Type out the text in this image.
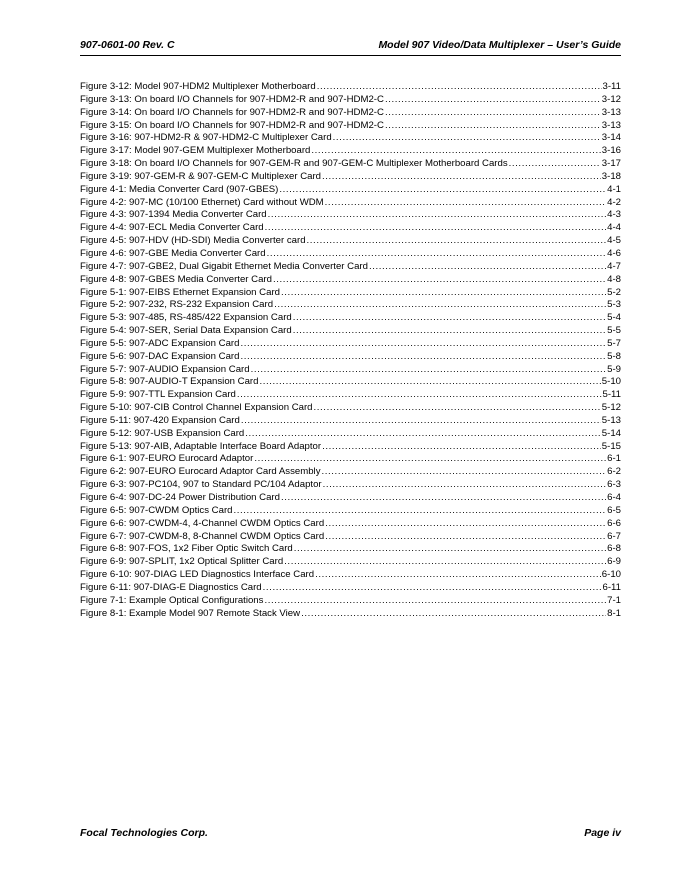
907-0601-00 Rev. C	Model 907 Video/Data Multiplexer – User’s Guide
Figure 3-12: Model 907-HDM2 Multiplexer Motherboard .....	3-11
Figure 3-13: On board I/O Channels for 907-HDM2-R and 907-HDM2-C .....	3-12
Figure 3-14: On board I/O Channels for 907-HDM2-R and 907-HDM2-C .....	3-13
Figure 3-15: On board I/O Channels for 907-HDM2-R and 907-HDM2-C .....	3-13
Figure 3-16: 907-HDM2-R & 907-HDM2-C Multiplexer Card .....	3-14
Figure 3-17: Model 907-GEM Multiplexer Motherboard .....	3-16
Figure 3-18: On board I/O Channels for 907-GEM-R and 907-GEM-C Multiplexer Motherboard Cards .....	3-17
Figure 3-19: 907-GEM-R & 907-GEM-C Multiplexer Card .....	3-18
Figure 4-1: Media Converter Card (907-GBES) .....	4-1
Figure 4-2: 907-MC (10/100 Ethernet) Card without WDM .....	4-2
Figure 4-3: 907-1394 Media Converter Card .....	4-3
Figure 4-4: 907-ECL Media Converter Card .....	4-4
Figure 4-5: 907-HDV (HD-SDI) Media Converter card .....	4-5
Figure 4-6: 907-GBE Media Converter Card .....	4-6
Figure 4-7: 907-GBE2, Dual Gigabit Ethernet Media Converter Card .....	4-7
Figure 4-8: 907-GBES Media Converter Card .....	4-8
Figure 5-1: 907-EIBS Ethernet Expansion Card .....	5-2
Figure 5-2: 907-232, RS-232 Expansion Card .....	5-3
Figure 5-3: 907-485, RS-485/422 Expansion Card .....	5-4
Figure 5-4: 907-SER, Serial Data Expansion Card .....	5-5
Figure 5-5: 907-ADC Expansion Card .....	5-7
Figure 5-6: 907-DAC Expansion Card .....	5-8
Figure 5-7: 907-AUDIO Expansion Card .....	5-9
Figure 5-8: 907-AUDIO-T Expansion Card .....	5-10
Figure 5-9: 907-TTL Expansion Card .....	5-11
Figure 5-10: 907-CIB Control Channel Expansion Card .....	5-12
Figure 5-11: 907-420 Expansion Card .....	5-13
Figure 5-12: 907-USB Expansion Card .....	5-14
Figure 5-13: 907-AIB, Adaptable Interface Board Adaptor .....	5-15
Figure 6-1: 907-EURO Eurocard Adaptor .....	6-1
Figure 6-2: 907-EURO Eurocard Adaptor Card Assembly .....	6-2
Figure 6-3: 907-PC104, 907 to Standard PC/104 Adaptor .....	6-3
Figure 6-4: 907-DC-24 Power Distribution Card .....	6-4
Figure 6-5: 907-CWDM Optics Card .....	6-5
Figure 6-6: 907-CWDM-4, 4-Channel CWDM Optics Card .....	6-6
Figure 6-7: 907-CWDM-8, 8-Channel CWDM Optics Card .....	6-7
Figure 6-8: 907-FOS, 1x2 Fiber Optic Switch Card .....	6-8
Figure 6-9: 907-SPLIT, 1x2 Optical Splitter Card .....	6-9
Figure 6-10: 907-DIAG LED Diagnostics Interface Card .....	6-10
Figure 6-11: 907-DIAG-E Diagnostics Card .....	6-11
Figure 7-1: Example Optical Configurations .....	7-1
Figure 8-1: Example Model 907 Remote Stack View .....	8-1
Focal Technologies Corp.	Page iv
